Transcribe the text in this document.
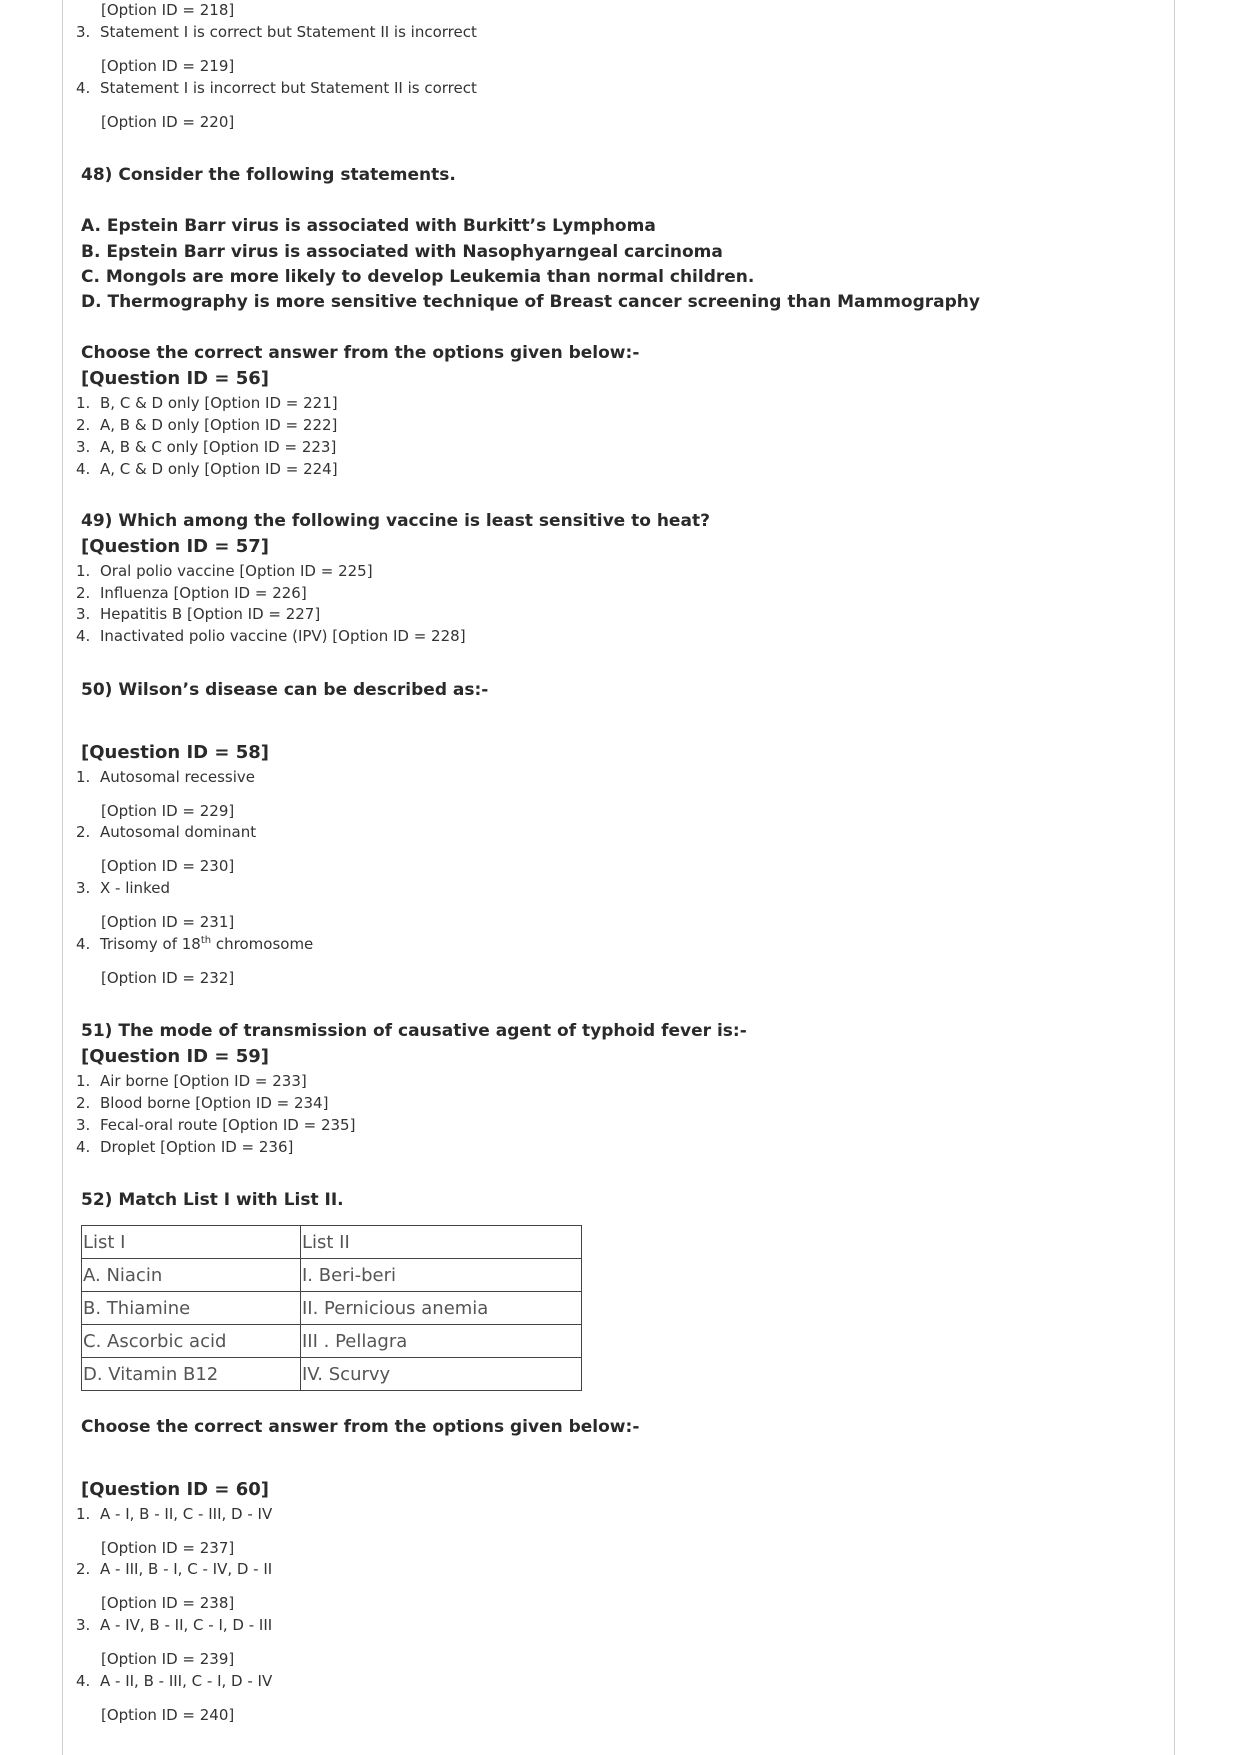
[Option ID = 218]
3. Statement I is correct but Statement II is incorrect
[Option ID = 219]
4. Statement I is incorrect but Statement II is correct
[Option ID = 220]
48) Consider the following statements.
A. Epstein Barr virus is associated with Burkitt’s Lymphoma
B. Epstein Barr virus is associated with Nasophyarngeal carcinoma
C. Mongols are more likely to develop Leukemia than normal children.
D. Thermography is more sensitive technique of Breast cancer screening than Mammography
Choose the correct answer from the options given below:-
[Question ID = 56]
1. B, C & D only [Option ID = 221]
2. A, B & D only [Option ID = 222]
3. A, B & C only [Option ID = 223]
4. A, C & D only [Option ID = 224]
49) Which among the following vaccine is least sensitive to heat?
[Question ID = 57]
1. Oral polio vaccine [Option ID = 225]
2. Influenza [Option ID = 226]
3. Hepatitis B [Option ID = 227]
4. Inactivated polio vaccine (IPV) [Option ID = 228]
50) Wilson’s disease can be described as:-
[Question ID = 58]
1. Autosomal recessive
[Option ID = 229]
2. Autosomal dominant
[Option ID = 230]
3. X - linked
[Option ID = 231]
4. Trisomy of 18th chromosome
[Option ID = 232]
51) The mode of transmission of causative agent of typhoid fever is:-
[Question ID = 59]
1. Air borne [Option ID = 233]
2. Blood borne [Option ID = 234]
3. Fecal-oral route [Option ID = 235]
4. Droplet [Option ID = 236]
52) Match List I with List II.
List I	List II
A. Niacin	I. Beri-beri
B. Thiamine	II. Pernicious anemia
C. Ascorbic acid	III . Pellagra
D. Vitamin B12	IV. Scurvy
Choose the correct answer from the options given below:-
[Question ID = 60]
1. A - I, B - II, C - III, D - IV
[Option ID = 237]
2. A - III, B - I, C - IV, D - II
[Option ID = 238]
3. A - IV, B - II, C - I, D - III
[Option ID = 239]
4. A - II, B - III, C - I, D - IV
[Option ID = 240]
